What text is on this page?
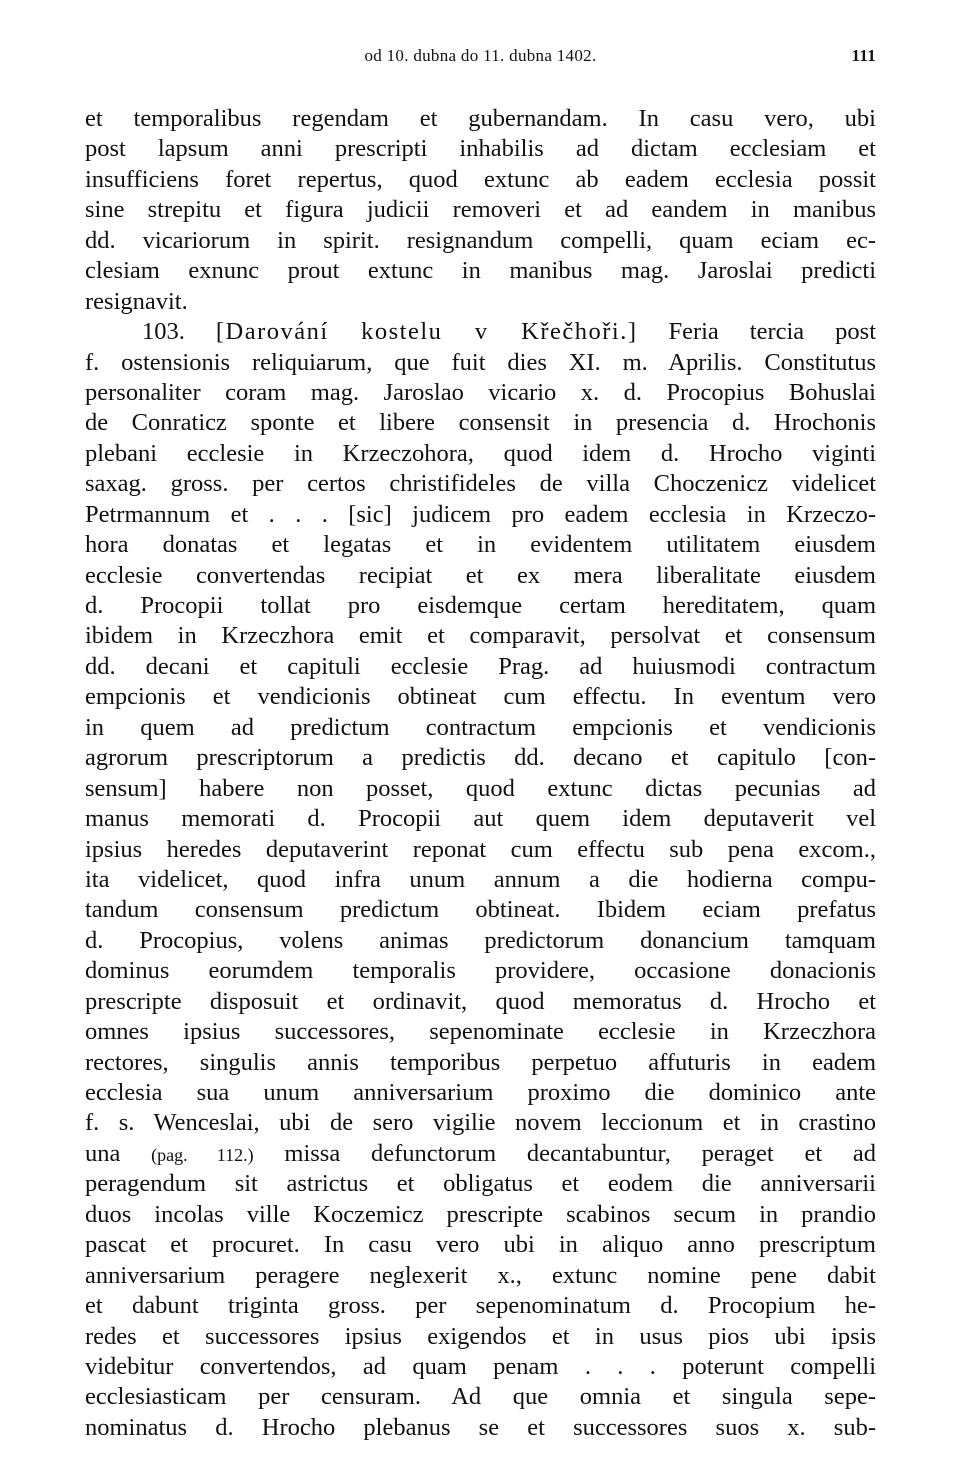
od 10. dubna do 11. dubna 1402.	111
et temporalibus regendam et gubernandam. In casu vero, ubi
post lapsum anni prescripti inhabilis ad dictam ecclesiam et
insufficiens foret repertus, quod extunc ab eadem ecclesia possit
sine strepitu et figura judicii removeri et ad eandem in manibus
dd. vicariorum in spirit. resignandum compelli, quam eciam ec-
clesiam exnunc prout extunc in manibus mag. Jaroslai predicti
resignavit.
103. [Darování kostelu v Křečhoři.] Feria tercia post
f. ostensionis reliquiarum, que fuit dies XI. m. Aprilis. Constitutus
personaliter coram mag. Jaroslao vicario x. d. Procopius Bohuslai
de Conraticz sponte et libere consensit in presencia d. Hrochonis
plebani ecclesie in Krzeczohora, quod idem d. Hrocho viginti
saxag. gross. per certos christifideles de villa Choczenicz videlicet
Petrmannum et . . . [sic] judicem pro eadem ecclesia in Krzeczo-
hora donatas et legatas et in evidentem utilitatem eiusdem
ecclesie convertendas recipiat et ex mera liberalitate eiusdem
d. Procopii tollat pro eisdemque certam hereditatem, quam
ibidem in Krzeczhora emit et comparavit, persolvat et consensum
dd. decani et capituli ecclesie Prag. ad huiusmodi contractum
empcionis et vendicionis obtineat cum effectu. In eventum vero
in quem ad predictum contractum empcionis et vendicionis
agrorum prescriptorum a predictis dd. decano et capitulo [con-
sensum] habere non posset, quod extunc dictas pecunias ad
manus memorati d. Procopii aut quem idem deputaverit vel
ipsius heredes deputaverint reponat cum effectu sub pena excom.,
ita videlicet, quod infra unum annum a die hodierna compu-
tandum consensum predictum obtineat. Ibidem eciam prefatus
d. Procopius, volens animas predictorum donancium tamquam
dominus eorumdem temporalis providere, occasione donacionis
prescripte disposuit et ordinavit, quod memoratus d. Hrocho et
omnes ipsius successores, sepenominate ecclesie in Krzeczhora
rectores, singulis annis temporibus perpetuo affuturis in eadem
ecclesia sua unum anniversarium proximo die dominico ante
f. s. Wenceslai, ubi de sero vigilie novem leccionum et in crastino
una (pag. 112.) missa defunctorum decantabuntur, peraget et ad
peragendum sit astrictus et obligatus et eodem die anniversarii
duos incolas ville Koczemicz prescripte scabinos secum in prandio
pascat et procuret. In casu vero ubi in aliquo anno prescriptum
anniversarium peragere neglexerit x., extunc nomine pene dabit
et dabunt triginta gross. per sepenominatum d. Procopium he-
redes et successores ipsius exigendos et in usus pios ubi ipsis
videbitur convertendos, ad quam penam . . . poterunt compelli
ecclesiasticam per censuram. Ad que omnia et singula sepe-
nominatus d. Hrocho plebanus se et successores suos x. sub-
